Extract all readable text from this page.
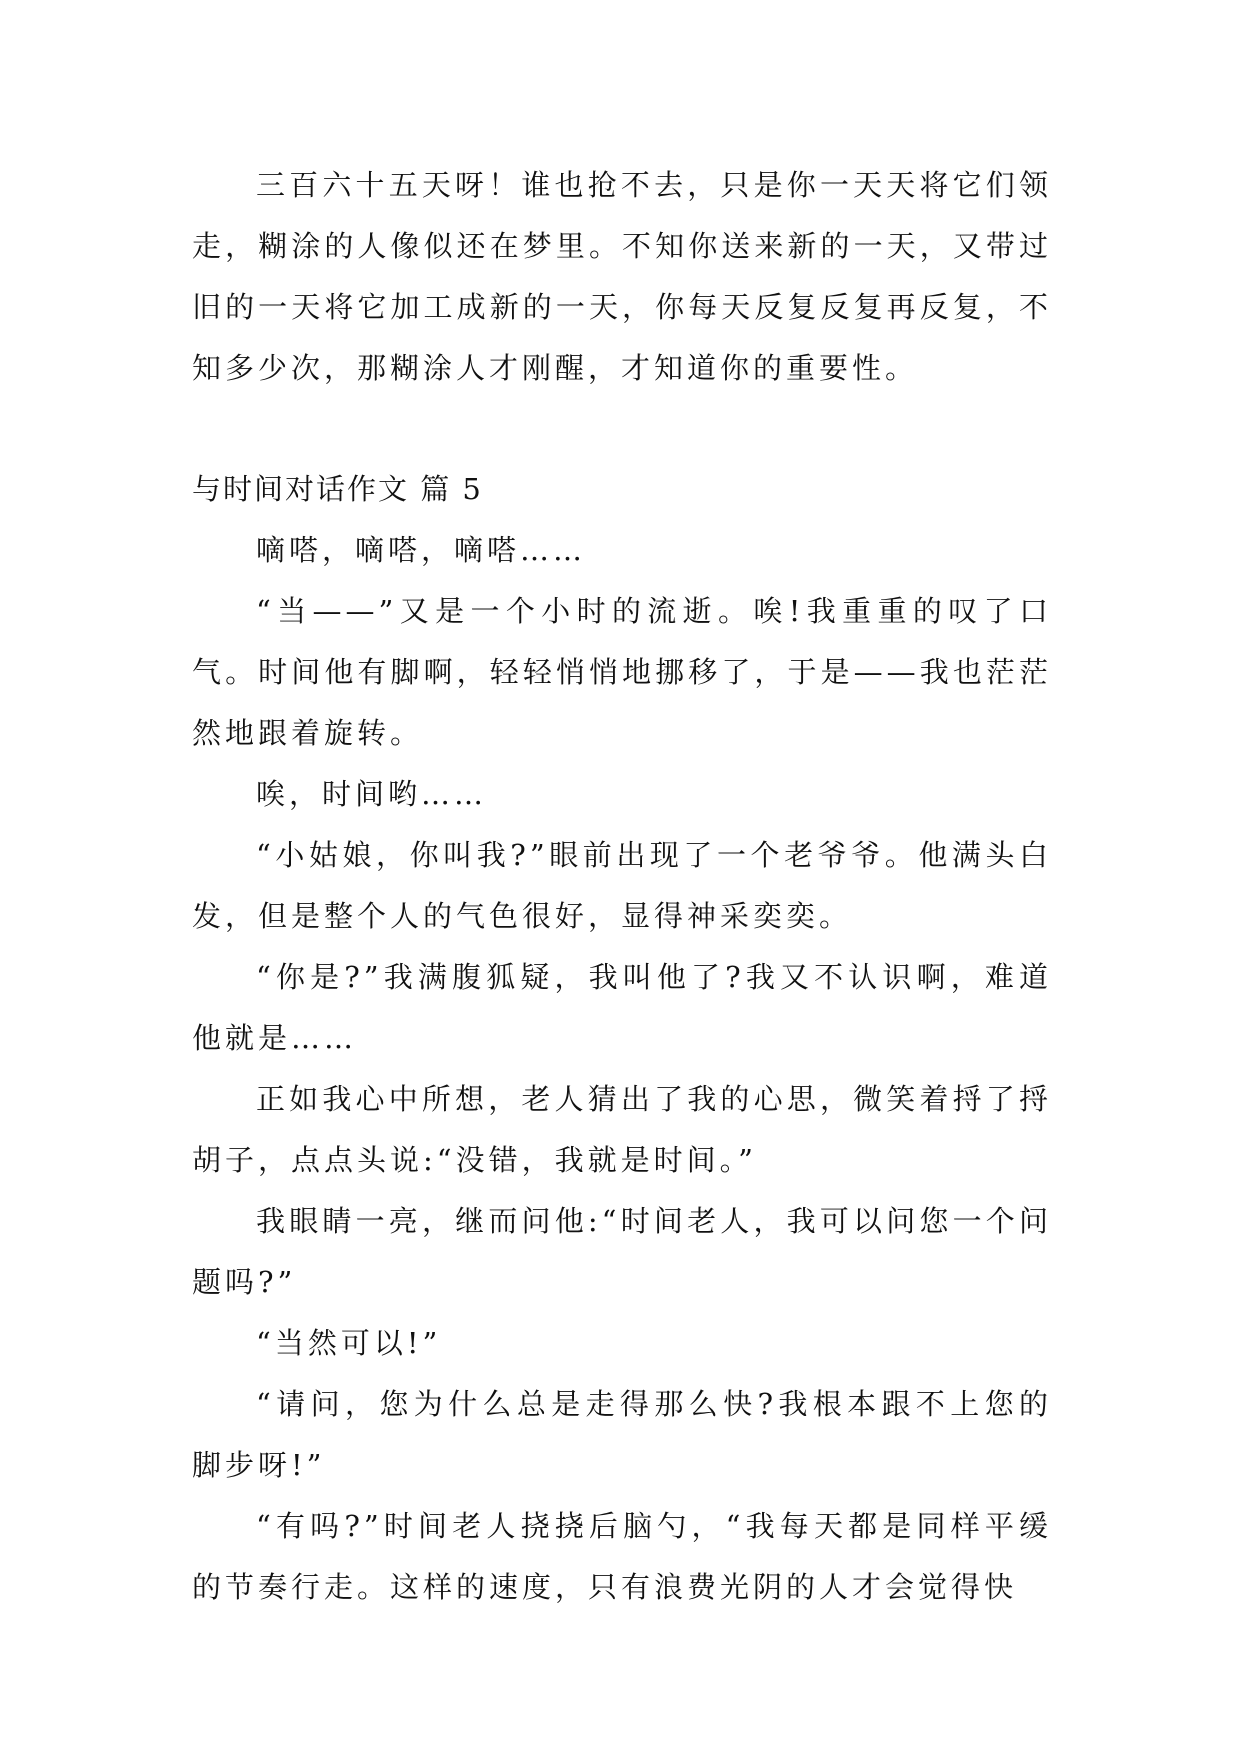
三百六十五天呀！谁也抢不去，只是你一天天将它们领走，糊涂的人像似还在梦里。不知你送来新的一天，又带过旧的一天将它加工成新的一天，你每天反复反复再反复，不知多少次，那糊涂人才刚醒，才知道你的重要性。

与时间对话作文 篇 5

嘀嗒，嘀嗒，嘀嗒……

“当——”又是一个小时的流逝。唉!我重重的叹了口气。时间他有脚啊，轻轻悄悄地挪移了，于是——我也茫茫然地跟着旋转。

唉，时间哟……

“小姑娘，你叫我?”眼前出现了一个老爷爷。他满头白发，但是整个人的气色很好，显得神采奕奕。

“你是?”我满腹狐疑，我叫他了?我又不认识啊，难道他就是……

正如我心中所想，老人猜出了我的心思，微笑着捋了捋胡子，点点头说:“没错，我就是时间。”

我眼睛一亮，继而问他:“时间老人，我可以问您一个问题吗?”

“当然可以!”

“请问，您为什么总是走得那么快?我根本跟不上您的脚步呀!”

“有吗?”时间老人挠挠后脑勺，“我每天都是同样平缓的节奏行走。这样的速度，只有浪费光阴的人才会觉得快
